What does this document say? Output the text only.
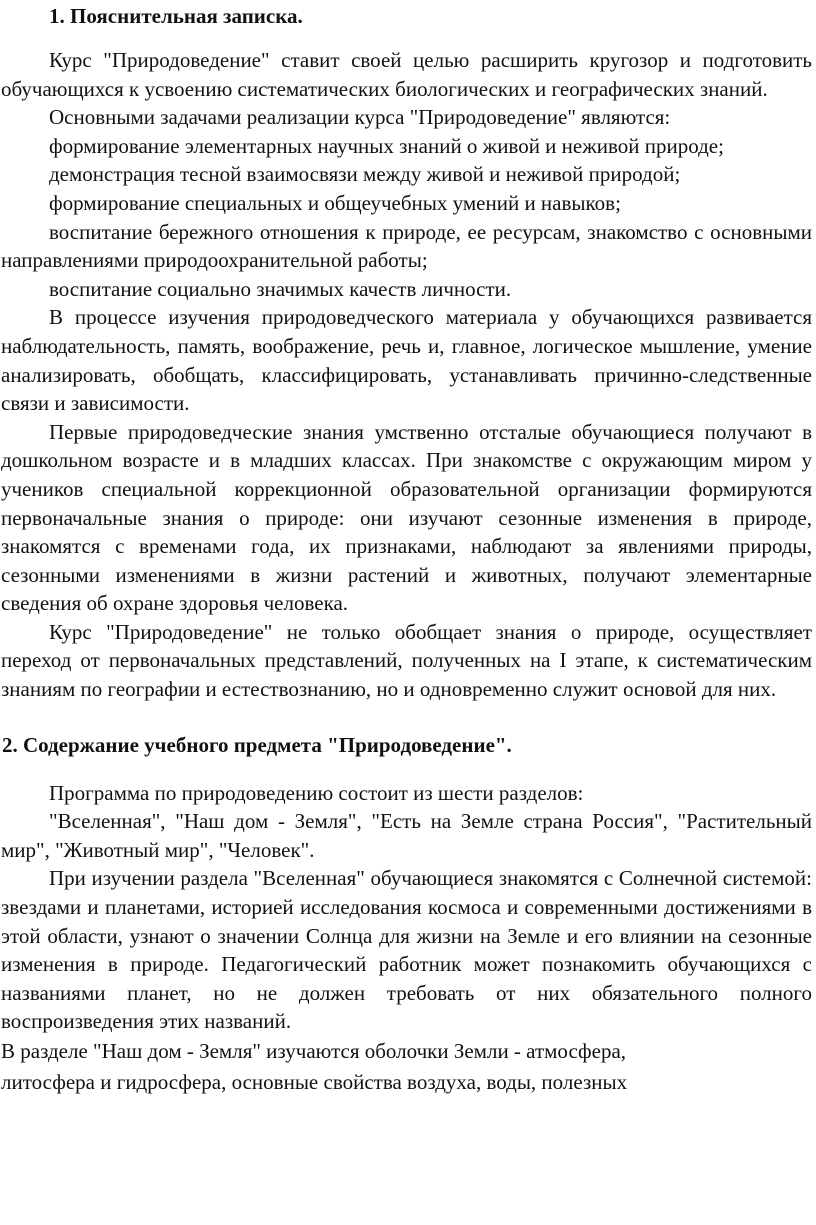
1. Пояснительная записка.

Курс "Природоведение" ставит своей целью расширить кругозор и подготовить обучающихся к усвоению систематических биологических и географических знаний.

Основными задачами реализации курса "Природоведение" являются:

формирование элементарных научных знаний о живой и неживой природе;

демонстрация тесной взаимосвязи между живой и неживой природой;

формирование специальных и общеучебных умений и навыков;

воспитание бережного отношения к природе, ее ресурсам, знакомство с основными направлениями природоохранительной работы;

воспитание социально значимых качеств личности.

В процессе изучения природоведческого материала у обучающихся развивается наблюдательность, память, воображение, речь и, главное, логическое мышление, умение анализировать, обобщать, классифицировать, устанавливать причинно-следственные связи и зависимости.

Первые природоведческие знания умственно отсталые обучающиеся получают в дошкольном возрасте и в младших классах. При знакомстве с окружающим миром у учеников специальной коррекционной образовательной организации формируются первоначальные знания о природе: они изучают сезонные изменения в природе, знакомятся с временами года, их признаками, наблюдают за явлениями природы, сезонными изменениями в жизни растений и животных, получают элементарные сведения об охране здоровья человека.

Курс "Природоведение" не только обобщает знания о природе, осуществляет переход от первоначальных представлений, полученных на I этапе, к систематическим знаниям по географии и естествознанию, но и одновременно служит основой для них.

2. Содержание учебного предмета "Природоведение".

Программа по природоведению состоит из шести разделов:

"Вселенная", "Наш дом - Земля", "Есть на Земле страна Россия", "Растительный мир", "Животный мир", "Человек".

При изучении раздела "Вселенная" обучающиеся знакомятся с Солнечной системой: звездами и планетами, историей исследования космоса и современными достижениями в этой области, узнают о значении Солнца для жизни на Земле и его влиянии на сезонные изменения в природе. Педагогический работник может познакомить обучающихся с названиями планет, но не должен требовать от них обязательного полного воспроизведения этих названий.

В разделе "Наш дом - Земля" изучаются оболочки Земли - атмосфера,

литосфера и гидросфера, основные свойства воздуха, воды, полезных
